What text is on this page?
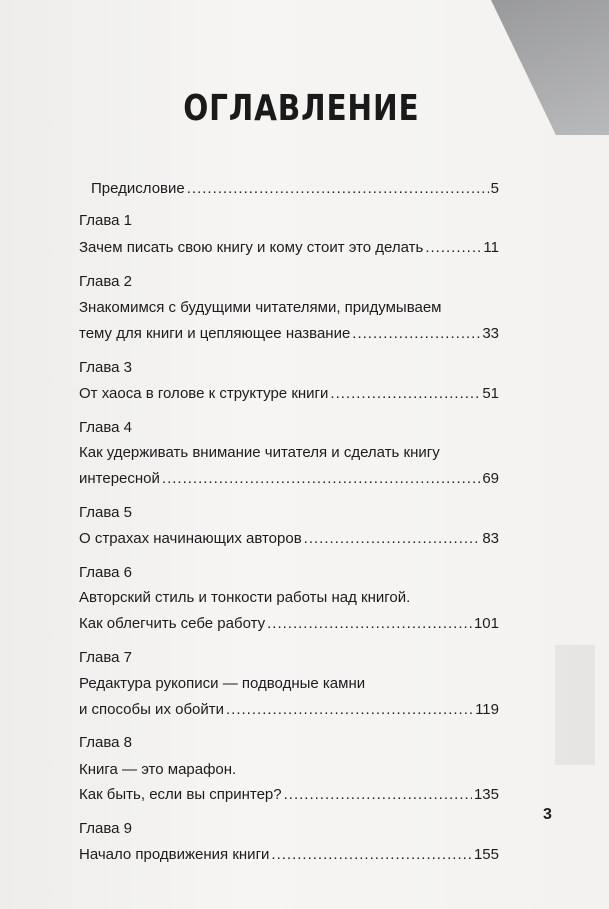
ОГЛАВЛЕНИЕ
Предисловие .....	5
Глава 1
Зачем писать свою книгу и кому стоит это делать .....	11
Глава 2
Знакомимся с будущими читателями, придумываем
тему для книги и цепляющее название .....	33
Глава 3
От хаоса в голове к структуре книги .....	51
Глава 4
Как удерживать внимание читателя и сделать книгу
интересной .....	69
Глава 5
О страхах начинающих авторов .....	83
Глава 6
Авторский стиль и тонкости работы над книгой.
Как облегчить себе работу .....	101
Глава 7
Редактура рукописи — подводные камни
и способы их обойти .....	119
Глава 8
Книга — это марафон.
Как быть, если вы спринтер? .....	135
Глава 9
Начало продвижения книги .....	155
3
